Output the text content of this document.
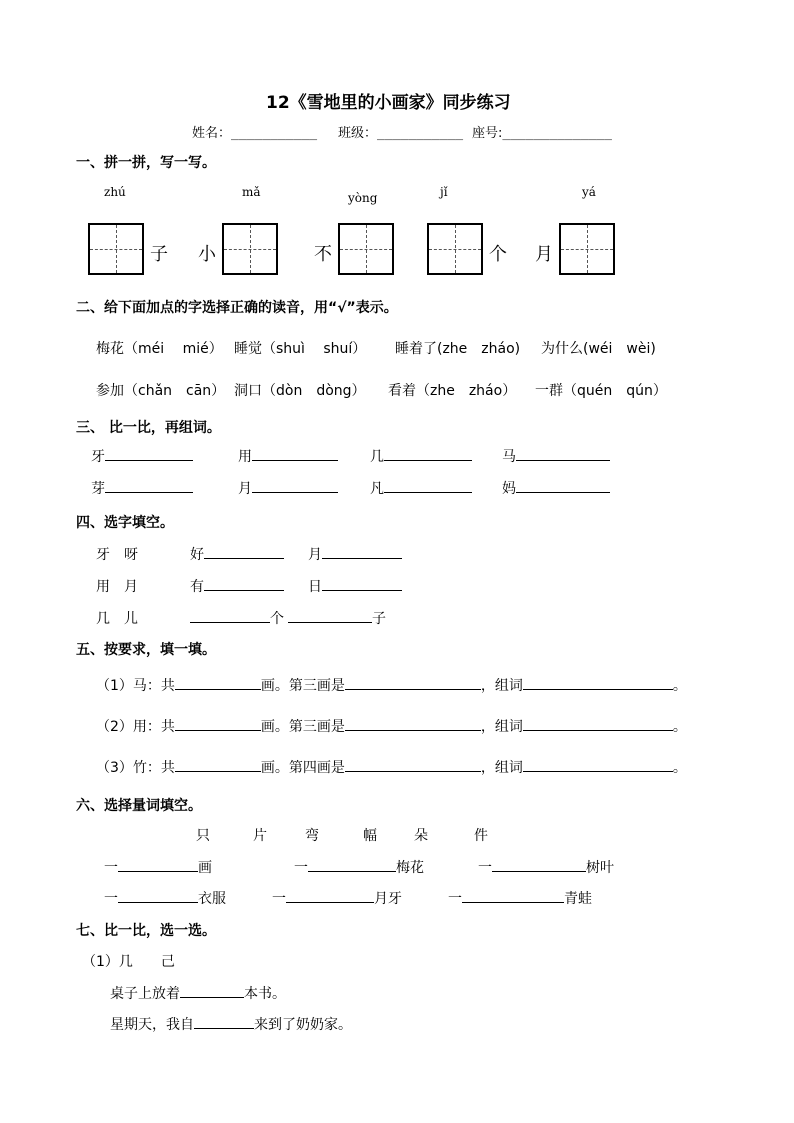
12《雪地里的小画家》同步练习
姓名：___________ 班级：___________ 座号:______________
一、拼一拼，写一写。
zhú	mǎ	yòng	jǐ	yá
子 小	不	个 月
二、给下面加点的字选择正确的读音，用“√”表示。
梅花（méi　 mié） 睡觉（shuì　 shuí） 睡着了(zhe　zháo) 为什么(wéi　wèi)
参加（chǎn　cān） 洞口（dòn　dòng） 看着（zhe　zháo） 一群（quén　qún）
三、 比一比，再组词。
牙	用	几	马
芽	月	凡	妈
四、选字填空。
牙　呀	好	月
用　月	有	日
几　儿	个	子
五、按要求，填一填。
（1）马：共	画。第三画是	，组词	。
（2）用：共	画。第三画是	，组词	。
（3）竹：共	画。第四画是	，组词	。
六、选择量词填空。
只	片	弯	幅	朵	件
一	画	一	梅花	一	树叶
一	衣服	一	月牙	一	青蛙
七、比一比，选一选。
（1）几　　己
桌子上放着	本书。
星期天，我自	来到了奶奶家。
